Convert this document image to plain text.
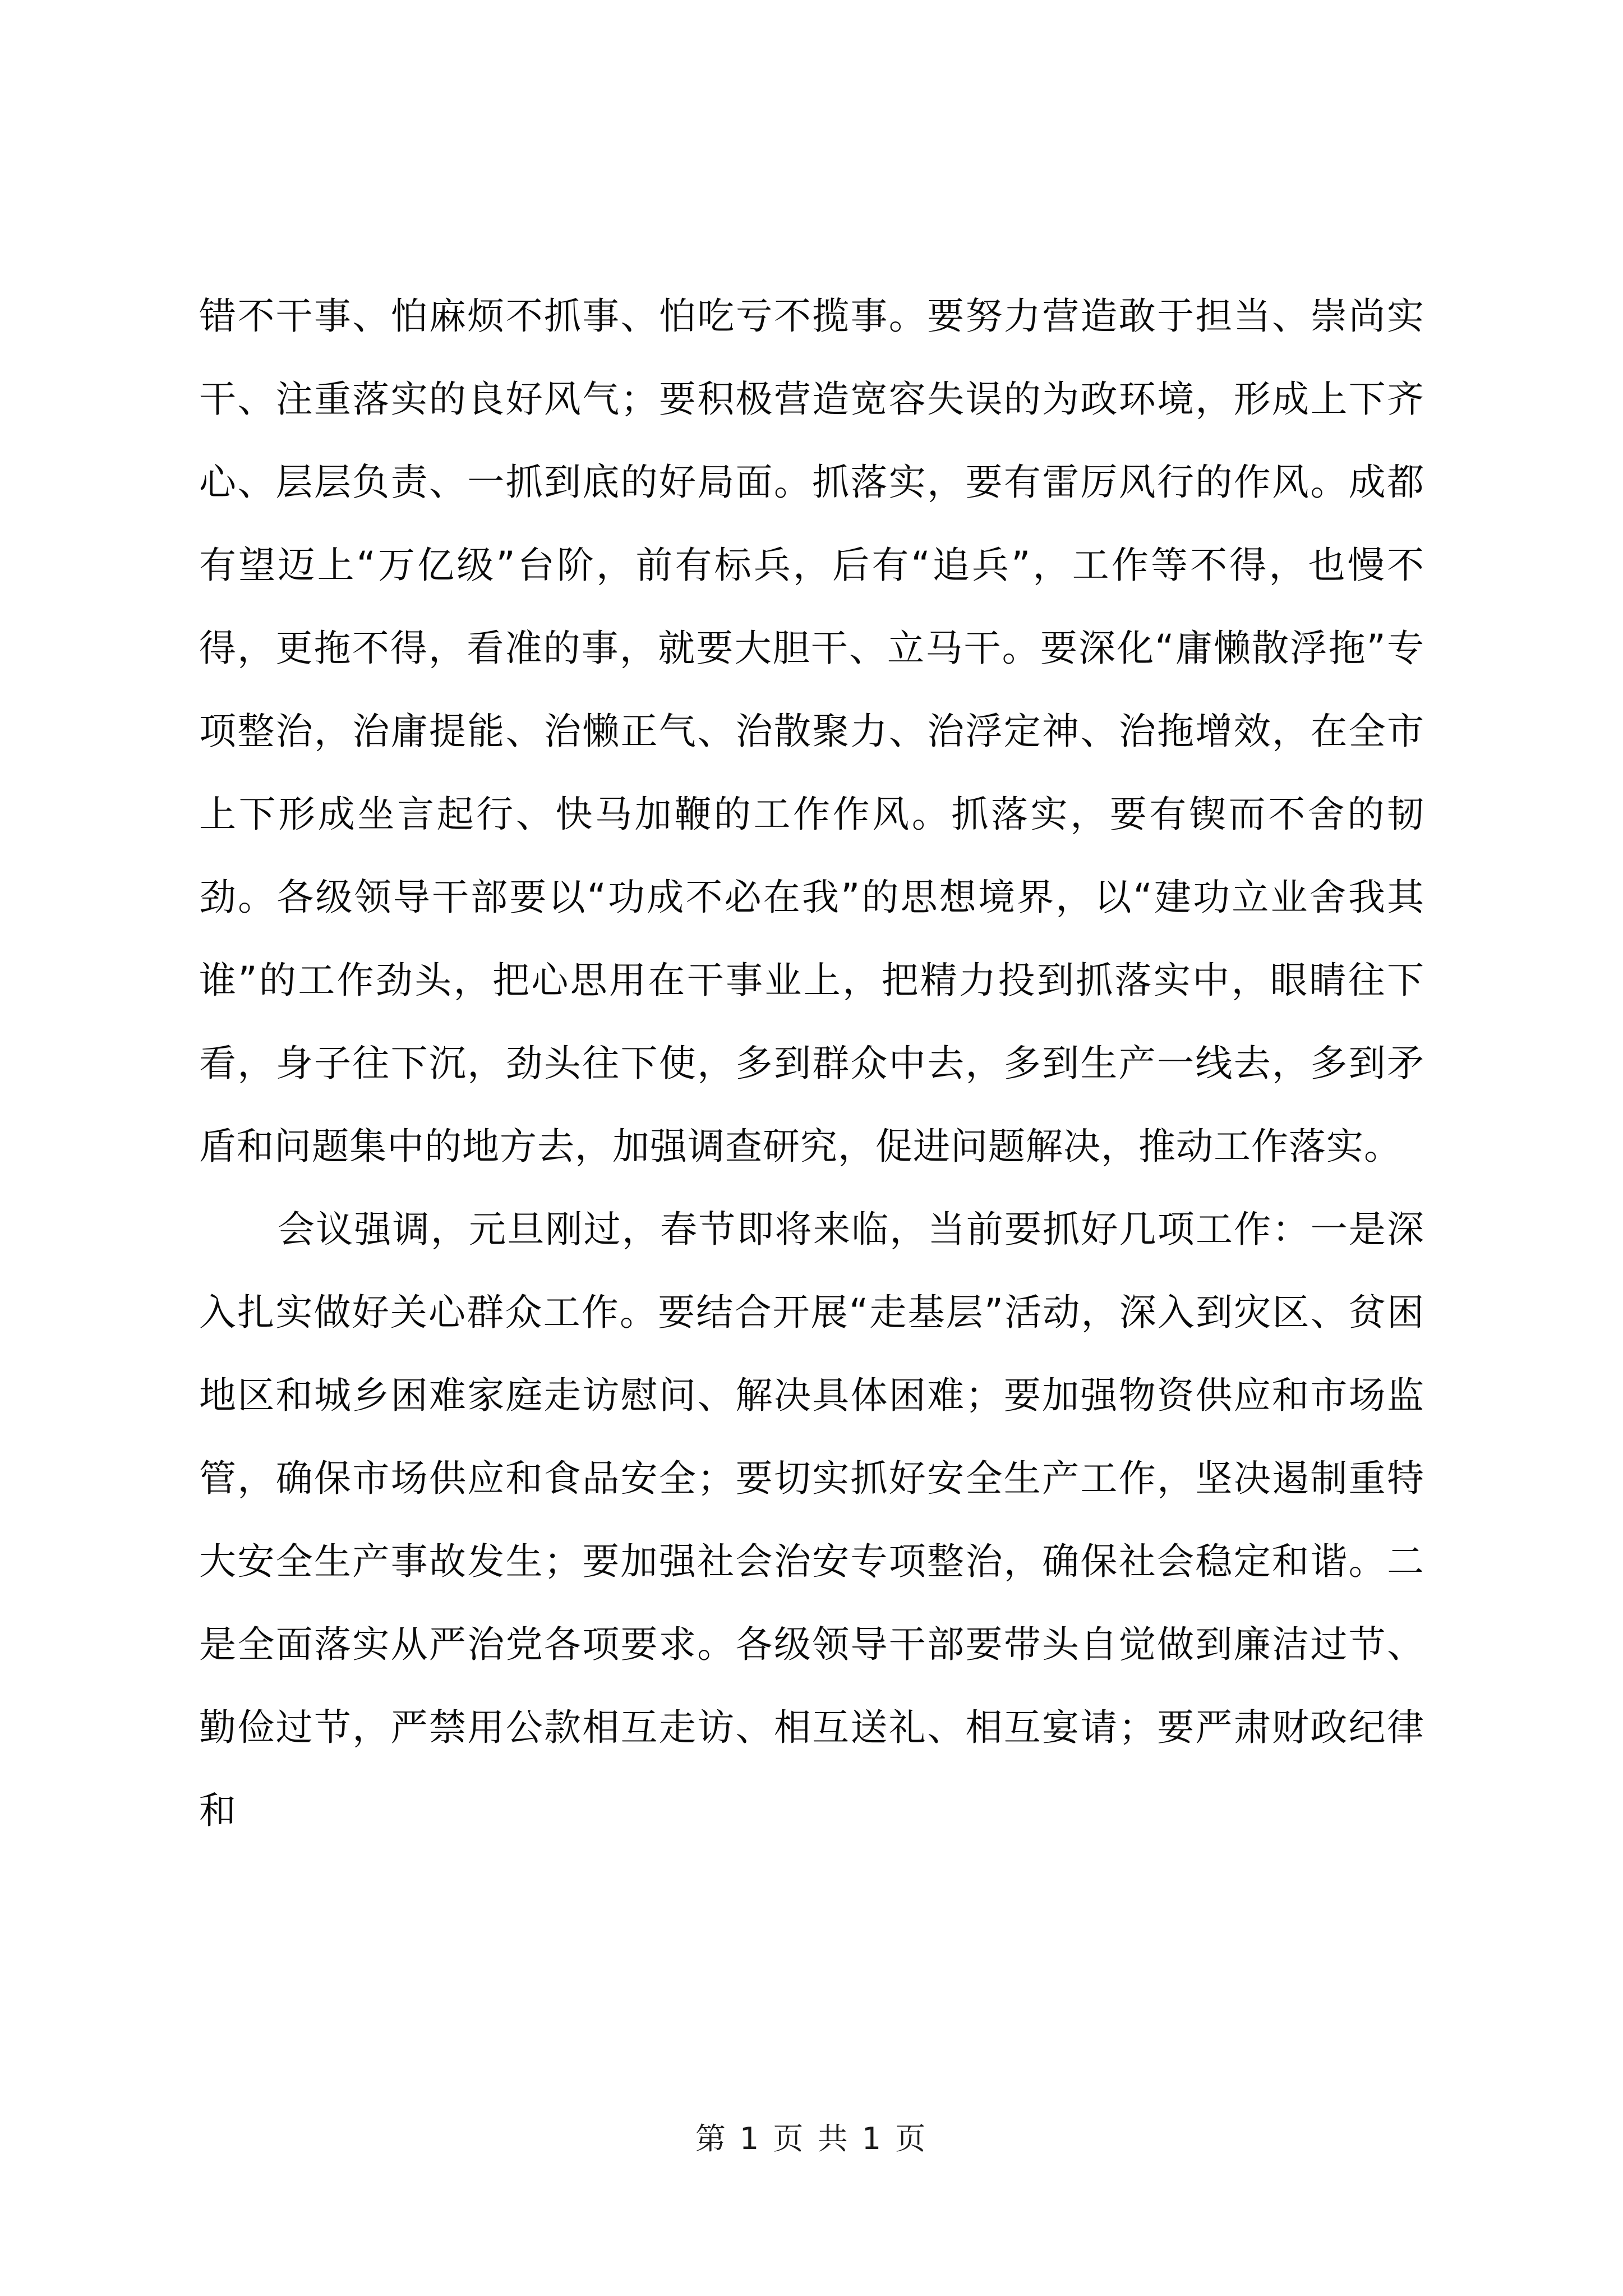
错不干事、怕麻烦不抓事、怕吃亏不揽事。要努力营造敢于担当、崇尚实干、注重落实的良好风气；要积极营造宽容失误的为政环境，形成上下齐心、层层负责、一抓到底的好局面。抓落实，要有雷厉风行的作风。成都有望迈上“万亿级”台阶，前有标兵，后有“追兵”，工作等不得，也慢不得，更拖不得，看准的事，就要大胆干、立马干。要深化“庸懒散浮拖”专项整治，治庸提能、治懒正气、治散聚力、治浮定神、治拖增效，在全市上下形成坐言起行、快马加鞭的工作作风。抓落实，要有锲而不舍的韧劲。各级领导干部要以“功成不必在我”的思想境界，以“建功立业舍我其谁”的工作劲头，把心思用在干事业上，把精力投到抓落实中，眼睛往下看，身子往下沉，劲头往下使，多到群众中去，多到生产一线去，多到矛盾和问题集中的地方去，加强调查研究，促进问题解决，推动工作落实。

会议强调，元旦刚过，春节即将来临，当前要抓好几项工作：一是深入扎实做好关心群众工作。要结合开展“走基层”活动，深入到灾区、贫困地区和城乡困难家庭走访慰问、解决具体困难；要加强物资供应和市场监管，确保市场供应和食品安全；要切实抓好安全生产工作，坚决遏制重特大安全生产事故发生；要加强社会治安专项整治，确保社会稳定和谐。二是全面落实从严治党各项要求。各级领导干部要带头自觉做到廉洁过节、勤俭过节，严禁用公款相互走访、相互送礼、相互宴请；要严肃财政纪律和

第 1 页 共 1 页
